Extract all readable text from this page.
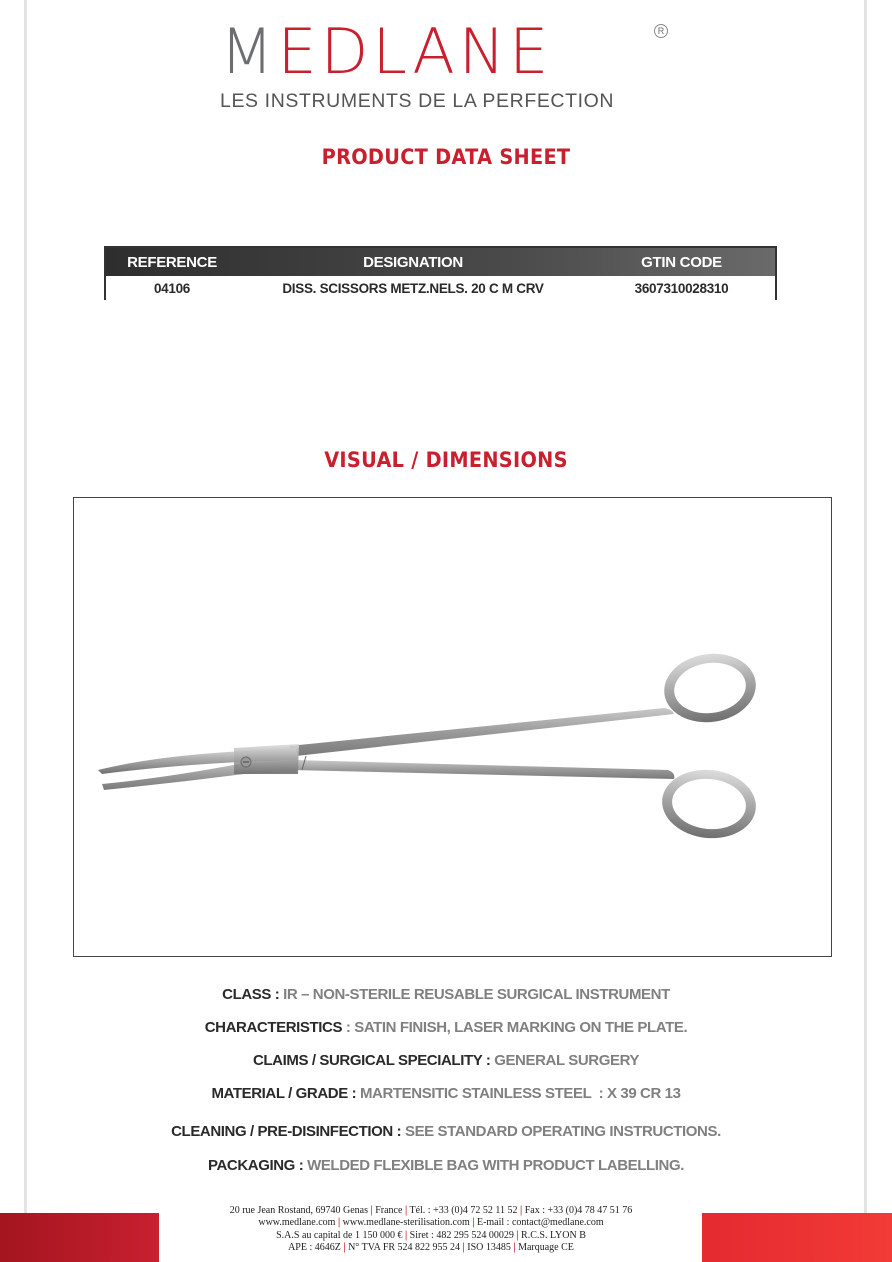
MEDLANE	R
LES INSTRUMENTS DE LA PERFECTION
PRODUCT DATA SHEET
REFERENCE	DESIGNATION	GTIN CODE
04106	DISS. SCISSORS METZ.NELS. 20 C M CRV	3607310028310
VISUAL / DIMENSIONS
CLASS : IR – NON-STERILE REUSABLE SURGICAL INSTRUMENT
CHARACTERISTICS : SATIN FINISH, LASER MARKING ON THE PLATE.
CLAIMS / SURGICAL SPECIALITY : GENERAL SURGERY
MATERIAL / GRADE : MARTENSITIC STAINLESS STEEL  : X 39 CR 13
CLEANING / PRE-DISINFECTION : SEE STANDARD OPERATING INSTRUCTIONS.
PACKAGING : WELDED FLEXIBLE BAG WITH PRODUCT LABELLING.
20 rue Jean Rostand, 69740 Genas | France | Tél. : +33 (0)4 72 52 11 52 | Fax : +33 (0)4 78 47 51 76
www.medlane.com | www.medlane-sterilisation.com | E-mail : contact@medlane.com
S.A.S au capital de 1 150 000 € | Siret : 482 295 524 00029 | R.C.S. LYON B
APE : 4646Z | N° TVA FR 524 822 955 24 | ISO 13485 | Marquage CE
